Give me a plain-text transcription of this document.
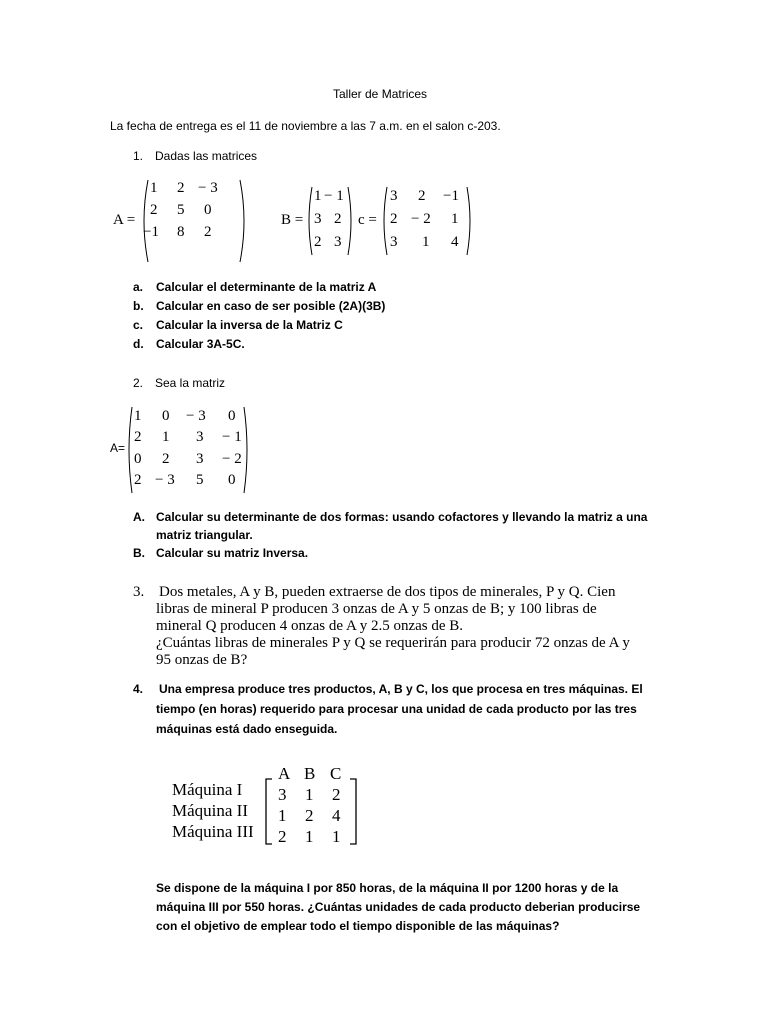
Taller de Matrices
La fecha de entrega es el 11 de noviembre a las 7 a.m. en el salon c-203.
1. Dadas las matrices
A =
1 2 − 3
2 5 0
−1 8 2
B =
1 − 1
3 2
2 3
c =
3 2 −1
2 − 2 1
3 1 4
a. Calcular el determinante de la matriz A
b. Calcular en caso de ser posible (2A)(3B)
c. Calcular la inversa de la Matriz C
d. Calcular 3A-5C.
2. Sea la matriz
A=
1 0 − 3 0
2 1 3 − 1
0 2 3 − 2
2 − 3 5 0
A. Calcular su determinante de dos formas: usando cofactores y llevando la matriz a una
matriz triangular.
B. Calcular su matriz Inversa.
3. Dos metales, A y B, pueden extraerse de dos tipos de minerales, P y Q. Cien
libras de mineral P producen 3 onzas de A y 5 onzas de B; y 100 libras de
mineral Q producen 4 onzas de A y 2.5 onzas de B.
¿Cuántas libras de minerales P y Q se requerirán para producir 72 onzas de A y
95 onzas de B?
4. Una empresa produce tres productos, A, B y C, los que procesa en tres máquinas. El
tiempo (en horas) requerido para procesar una unidad de cada producto por las tres
máquinas está dado enseguida.
Máquina I
Máquina II
Máquina III
A B C
3 1 2
1 2 4
2 1 1
Se dispone de la máquina I por 850 horas, de la máquina II por 1200 horas y de la
máquina III por 550 horas. ¿Cuántas unidades de cada producto deberian producirse
con el objetivo de emplear todo el tiempo disponible de las máquinas?
